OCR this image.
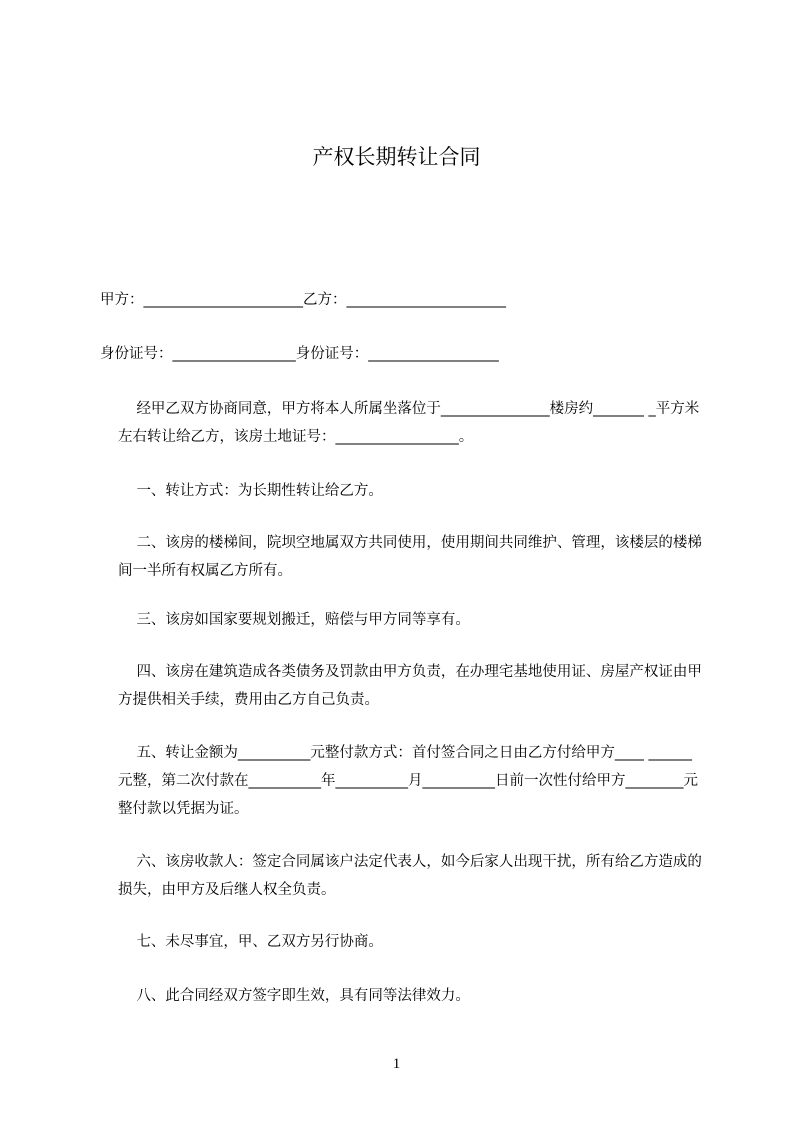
产权长期转让合同

甲方：______________________乙方：______________________

身份证号：_________________身份证号：__________________

经甲乙双方协商同意，甲方将本人所属坐落位于_______________楼房约_______ _平方米左右转让给乙方，该房土地证号：_________________。

一、转让方式：为长期性转让给乙方。

二、该房的楼梯间，院坝空地属双方共同使用，使用期间共同维护、管理，该楼层的楼梯间一半所有权属乙方所有。

三、该房如国家要规划搬迁，赔偿与甲方同等享有。

四、该房在建筑造成各类债务及罚款由甲方负责，在办理宅基地使用证、房屋产权证由甲方提供相关手续，费用由乙方自己负责。

五、转让金额为__________元整付款方式：首付签合同之日由乙方付给甲方____ ______元整，第二次付款在__________年__________月__________日前一次性付给甲方________元整付款以凭据为证。

六、该房收款人：签定合同属该户法定代表人，如今后家人出现干扰，所有给乙方造成的损失，由甲方及后继人权全负责。

七、未尽事宜，甲、乙双方另行协商。

八、此合同经双方签字即生效，具有同等法律效力。

1
